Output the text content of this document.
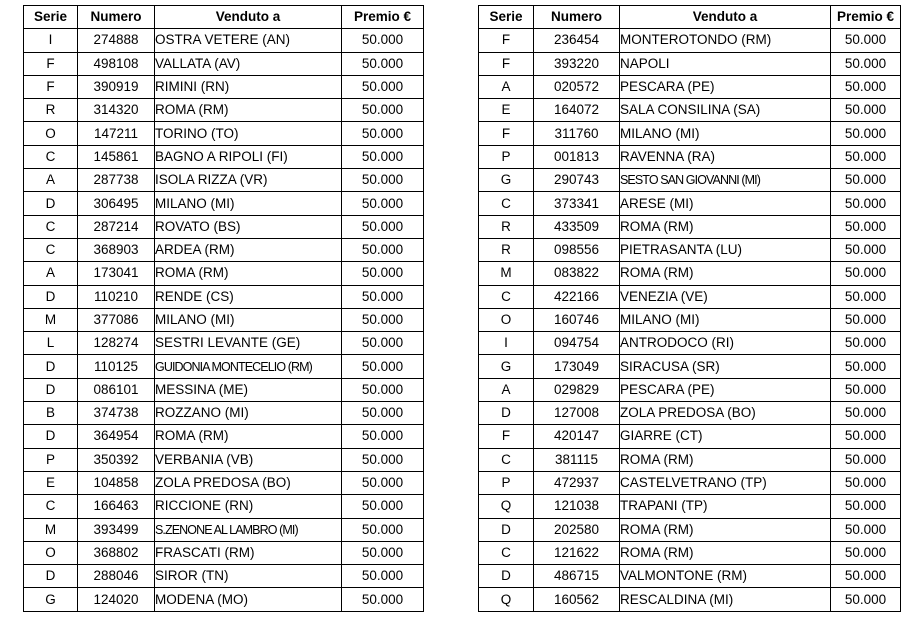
Serie	Numero	Venduto a	Premio €
I	274888	OSTRA VETERE (AN)	50.000
F	498108	VALLATA (AV)	50.000
F	390919	RIMINI (RN)	50.000
R	314320	ROMA (RM)	50.000
O	147211	TORINO (TO)	50.000
C	145861	BAGNO A RIPOLI (FI)	50.000
A	287738	ISOLA RIZZA (VR)	50.000
D	306495	MILANO (MI)	50.000
C	287214	ROVATO (BS)	50.000
C	368903	ARDEA (RM)	50.000
A	173041	ROMA (RM)	50.000
D	110210	RENDE (CS)	50.000
M	377086	MILANO (MI)	50.000
L	128274	SESTRI LEVANTE (GE)	50.000
D	110125	GUIDONIA MONTECELIO (RM)	50.000
D	086101	MESSINA (ME)	50.000
B	374738	ROZZANO (MI)	50.000
D	364954	ROMA (RM)	50.000
P	350392	VERBANIA (VB)	50.000
E	104858	ZOLA PREDOSA (BO)	50.000
C	166463	RICCIONE (RN)	50.000
M	393499	S.ZENONE AL LAMBRO (MI)	50.000
O	368802	FRASCATI (RM)	50.000
D	288046	SIROR (TN)	50.000
G	124020	MODENA (MO)	50.000
Serie	Numero	Venduto a	Premio €
F	236454	MONTEROTONDO (RM)	50.000
F	393220	NAPOLI	50.000
A	020572	PESCARA (PE)	50.000
E	164072	SALA CONSILINA (SA)	50.000
F	311760	MILANO (MI)	50.000
P	001813	RAVENNA (RA)	50.000
G	290743	SESTO SAN GIOVANNI (MI)	50.000
C	373341	ARESE (MI)	50.000
R	433509	ROMA (RM)	50.000
R	098556	PIETRASANTA (LU)	50.000
M	083822	ROMA (RM)	50.000
C	422166	VENEZIA (VE)	50.000
O	160746	MILANO (MI)	50.000
I	094754	ANTRODOCO (RI)	50.000
G	173049	SIRACUSA (SR)	50.000
A	029829	PESCARA (PE)	50.000
D	127008	ZOLA PREDOSA (BO)	50.000
F	420147	GIARRE (CT)	50.000
C	381115	ROMA (RM)	50.000
P	472937	CASTELVETRANO (TP)	50.000
Q	121038	TRAPANI (TP)	50.000
D	202580	ROMA (RM)	50.000
C	121622	ROMA (RM)	50.000
D	486715	VALMONTONE (RM)	50.000
Q	160562	RESCALDINA (MI)	50.000
